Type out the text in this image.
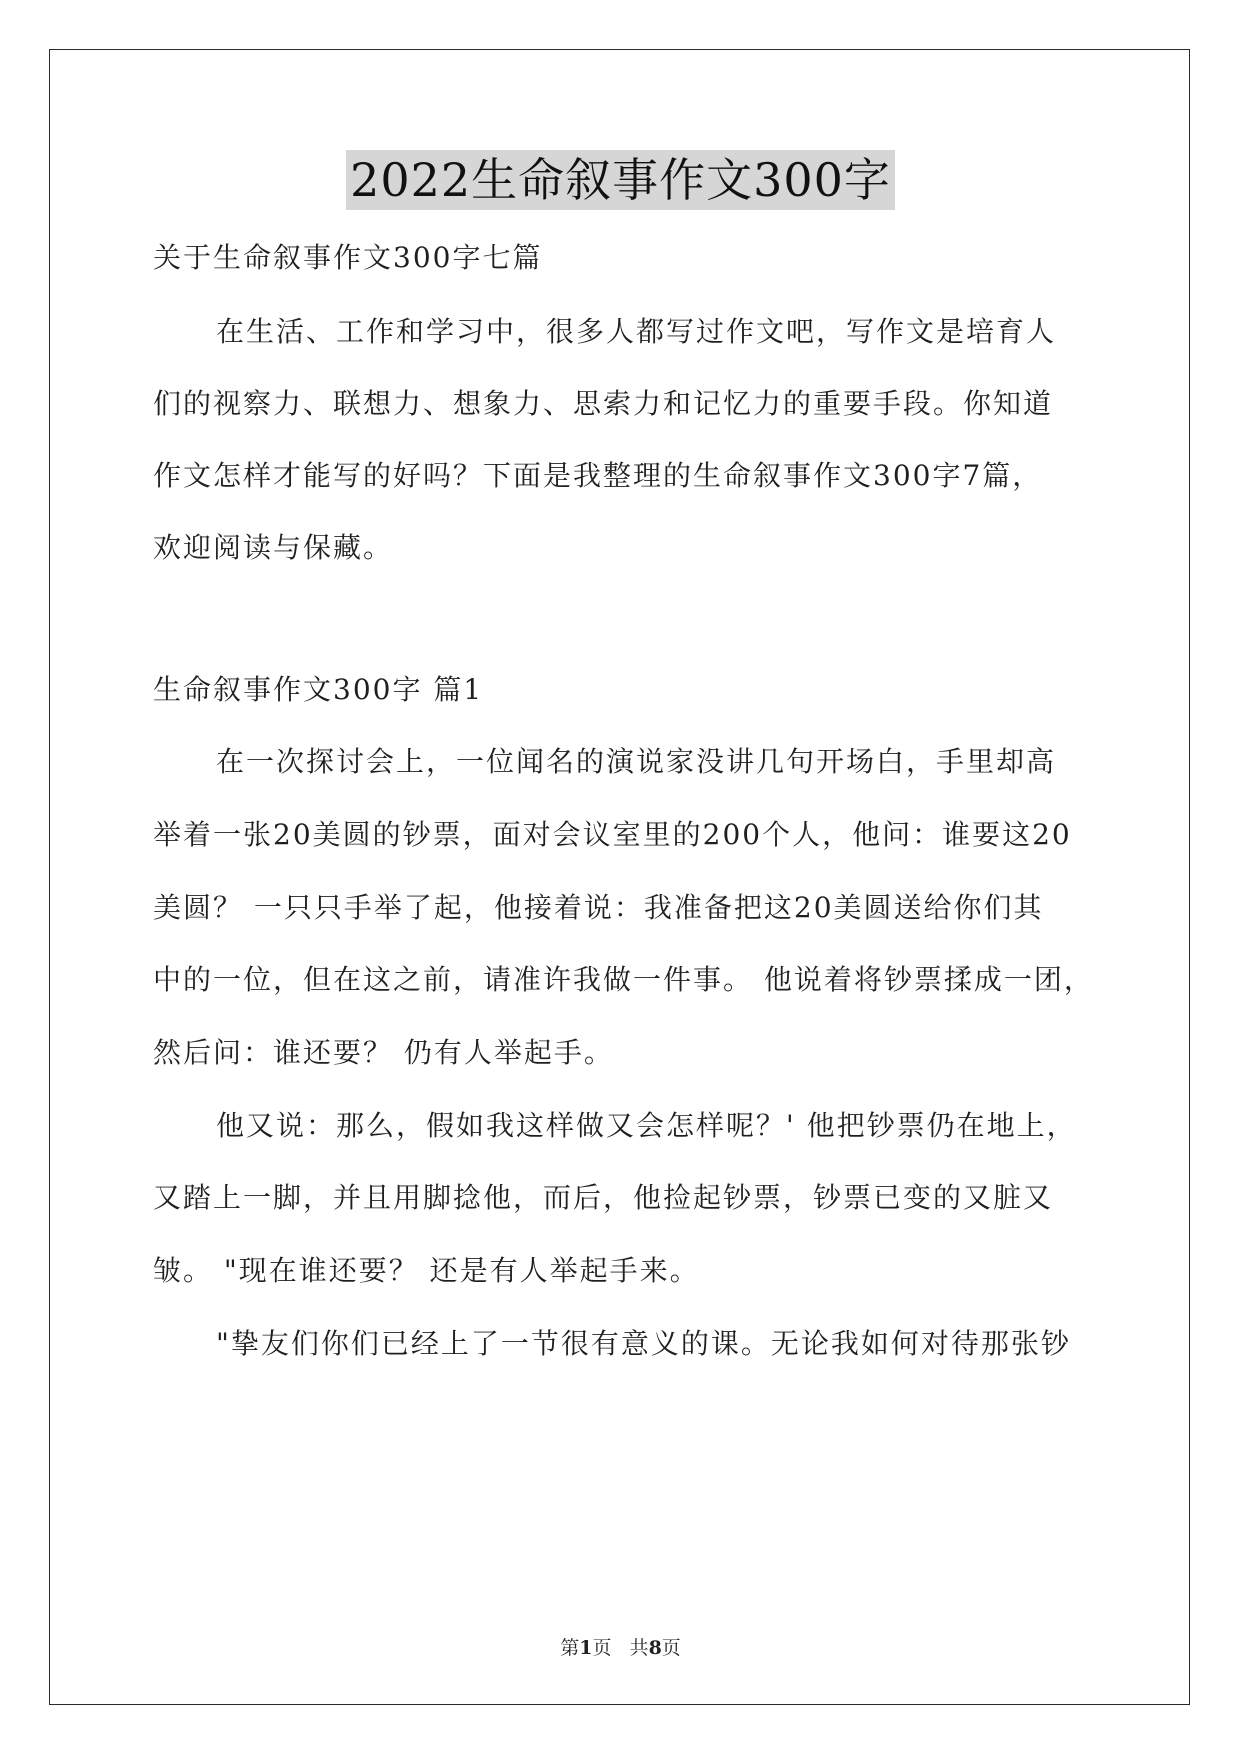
2022生命叙事作文300字
关于生命叙事作文300字七篇
在生活、工作和学习中，很多人都写过作文吧，写作文是培育人
们的视察力、联想力、想象力、思索力和记忆力的重要手段。你知道
作文怎样才能写的好吗？下面是我整理的生命叙事作文300字7篇，
欢迎阅读与保藏。
生命叙事作文300字 篇1
在一次探讨会上，一位闻名的演说家没讲几句开场白，手里却高
举着一张20美圆的钞票，面对会议室里的200个人，他问：谁要这20
美圆？ 一只只手举了起，他接着说：我准备把这20美圆送给你们其
中的一位，但在这之前，请准许我做一件事。 他说着将钞票揉成一团，
然后问：谁还要？ 仍有人举起手。
他又说：那么，假如我这样做又会怎样呢？' 他把钞票仍在地上，
又踏上一脚，并且用脚捻他，而后，他捡起钞票，钞票已变的又脏又
皱。 "现在谁还要？ 还是有人举起手来。
"挚友们你们已经上了一节很有意义的课。无论我如何对待那张钞
第1页   共8页
